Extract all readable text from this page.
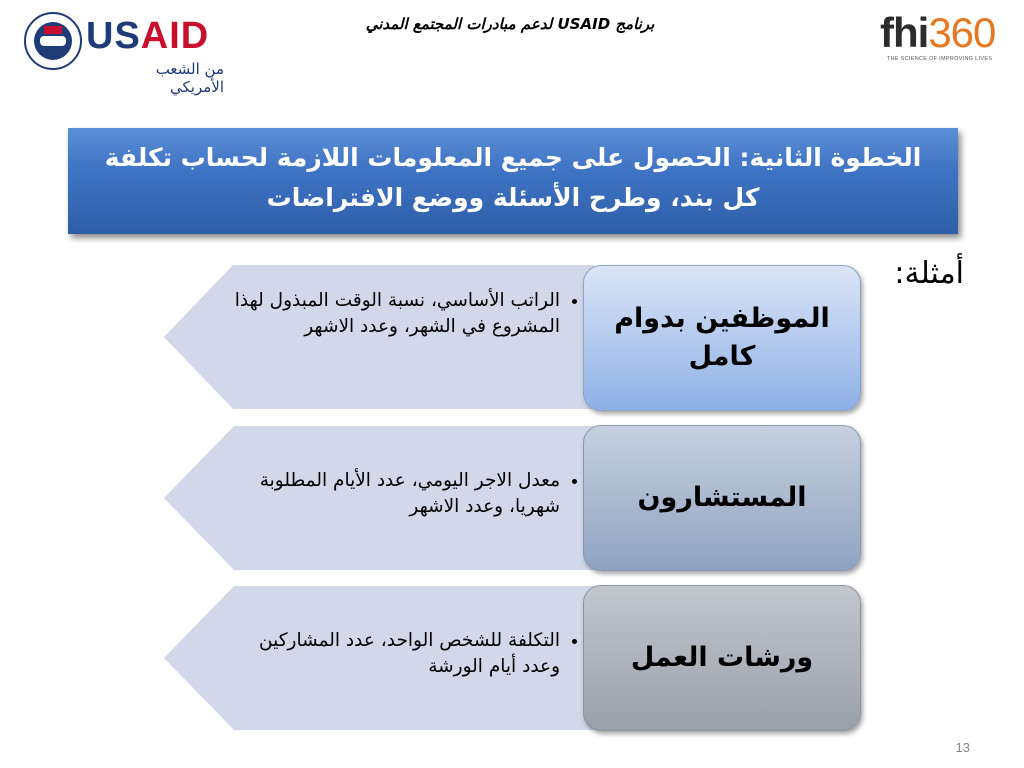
USAID
من الشعب الأمريكي
برنامج USAID لدعم مبادرات المجتمع المدني	fhi360
THE SCIENCE OF IMPROVING LIVES
الخطوة الثانية: الحصول على جميع المعلومات اللازمة لحساب تكلفة
كل بند، وطرح الأسئلة ووضع الافتراضات
أمثلة:
• الراتب الأساسي، نسبة الوقت المبذول لهذا المشروع في الشهر، وعدد الاشهر	الموظفين بدوام كامل
• معدل الاجر اليومي، عدد الأيام المطلوبة شهريا، وعدد الاشهر	المستشارون
• التكلفة للشخص الواحد، عدد المشاركين وعدد أيام الورشة	ورشات العمل
13
